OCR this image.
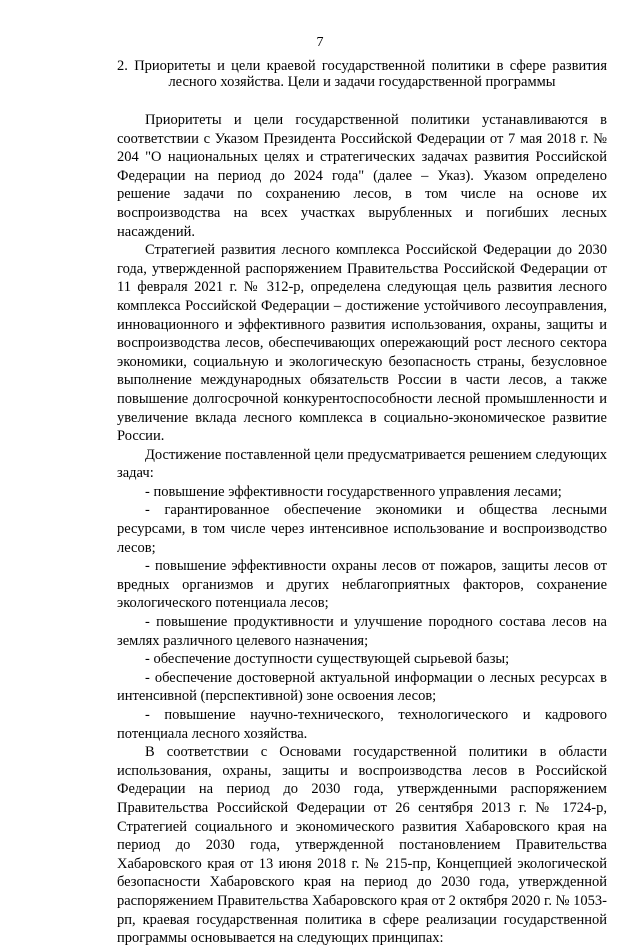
7

2. Приоритеты и цели краевой государственной политики в сфере развития лесного хозяйства. Цели и задачи государственной программы

Приоритеты и цели государственной политики устанавливаются в соответствии с Указом Президента Российской Федерации от 7 мая 2018 г. № 204 "О национальных целях и стратегических задачах развития Российской Федерации на период до 2024 года" (далее – Указ). Указом определено решение задачи по сохранению лесов, в том числе на основе их воспроизводства на всех участках вырубленных и погибших лесных насаждений.

Стратегией развития лесного комплекса Российской Федерации до 2030 года, утвержденной распоряжением Правительства Российской Федерации от 11 февраля 2021 г. № 312-р, определена следующая цель развития лесного комплекса Российской Федерации – достижение устойчивого лесоуправления, инновационного и эффективного развития использования, охраны, защиты и воспроизводства лесов, обеспечивающих опережающий рост лесного сектора экономики, социальную и экологическую безопасность страны, безусловное выполнение международных обязательств России в части лесов, а также повышение долгосрочной конкурентоспособности лесной промышленности и увеличение вклада лесного комплекса в социально-экономическое развитие России.

Достижение поставленной цели предусматривается решением следующих задач:

- повышение эффективности государственного управления лесами;

- гарантированное обеспечение экономики и общества лесными ресурсами, в том числе через интенсивное использование и воспроизводство лесов;

- повышение эффективности охраны лесов от пожаров, защиты лесов от вредных организмов и других неблагоприятных факторов, сохранение экологического потенциала лесов;

- повышение продуктивности и улучшение породного состава лесов на землях различного целевого назначения;

- обеспечение доступности существующей сырьевой базы;

- обеспечение достоверной актуальной информации о лесных ресурсах в интенсивной (перспективной) зоне освоения лесов;

- повышение научно-технического, технологического и кадрового потенциала лесного хозяйства.

В соответствии с Основами государственной политики в области использования, охраны, защиты и воспроизводства лесов в Российской Федерации на период до 2030 года, утвержденными распоряжением Правительства Российской Федерации от 26 сентября 2013 г. № 1724-р, Стратегией социального и экономического развития Хабаровского края на период до 2030 года, утвержденной постановлением Правительства Хабаровского края от 13 июня 2018 г. № 215-пр, Концепцией экологической безопасности Хабаровского края на период до 2030 года, утвержденной распоряжением Правительства Хабаровского края от 2 октября 2020 г. № 1053-рп, краевая государственная политика в сфере реализации государственной программы основывается на следующих принципах:
